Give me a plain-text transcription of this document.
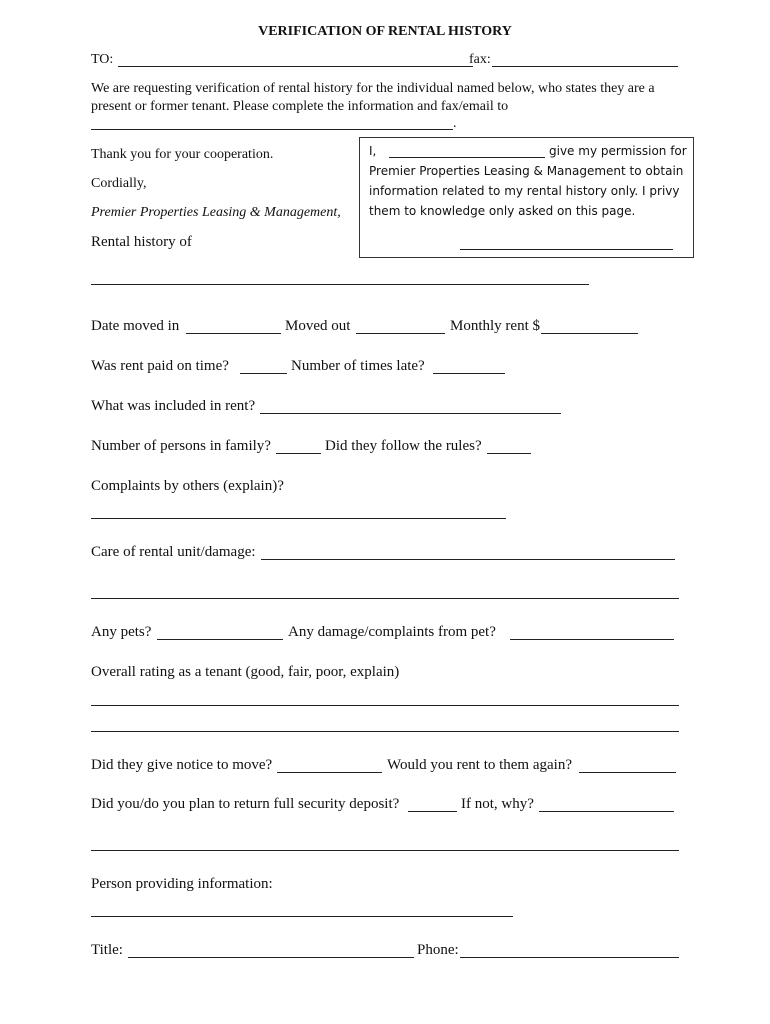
VERIFICATION OF RENTAL HISTORY
TO:	fax:
We are requesting verification of rental history for the individual named below, who states they are a
present or former tenant. Please complete the information and fax/email to
.
Thank you for your cooperation.
Cordially,
Premier Properties Leasing & Management,
Rental history of
I,	give my permission for
Premier Properties Leasing & Management to obtain
information related to my rental history only. I privy
them to knowledge only asked on this page.
Date moved in	Moved out	Monthly rent $
Was rent paid on time?	Number of times late?
What was included in rent?
Number of persons in family?	Did they follow the rules?
Complaints by others (explain)?
Care of rental unit/damage:
Any pets?	Any damage/complaints from pet?
Overall rating as a tenant (good, fair, poor, explain)
Did they give notice to move?	Would you rent to them again?
Did you/do you plan to return full security deposit?	If not, why?
Person providing information:
Title:	Phone:
